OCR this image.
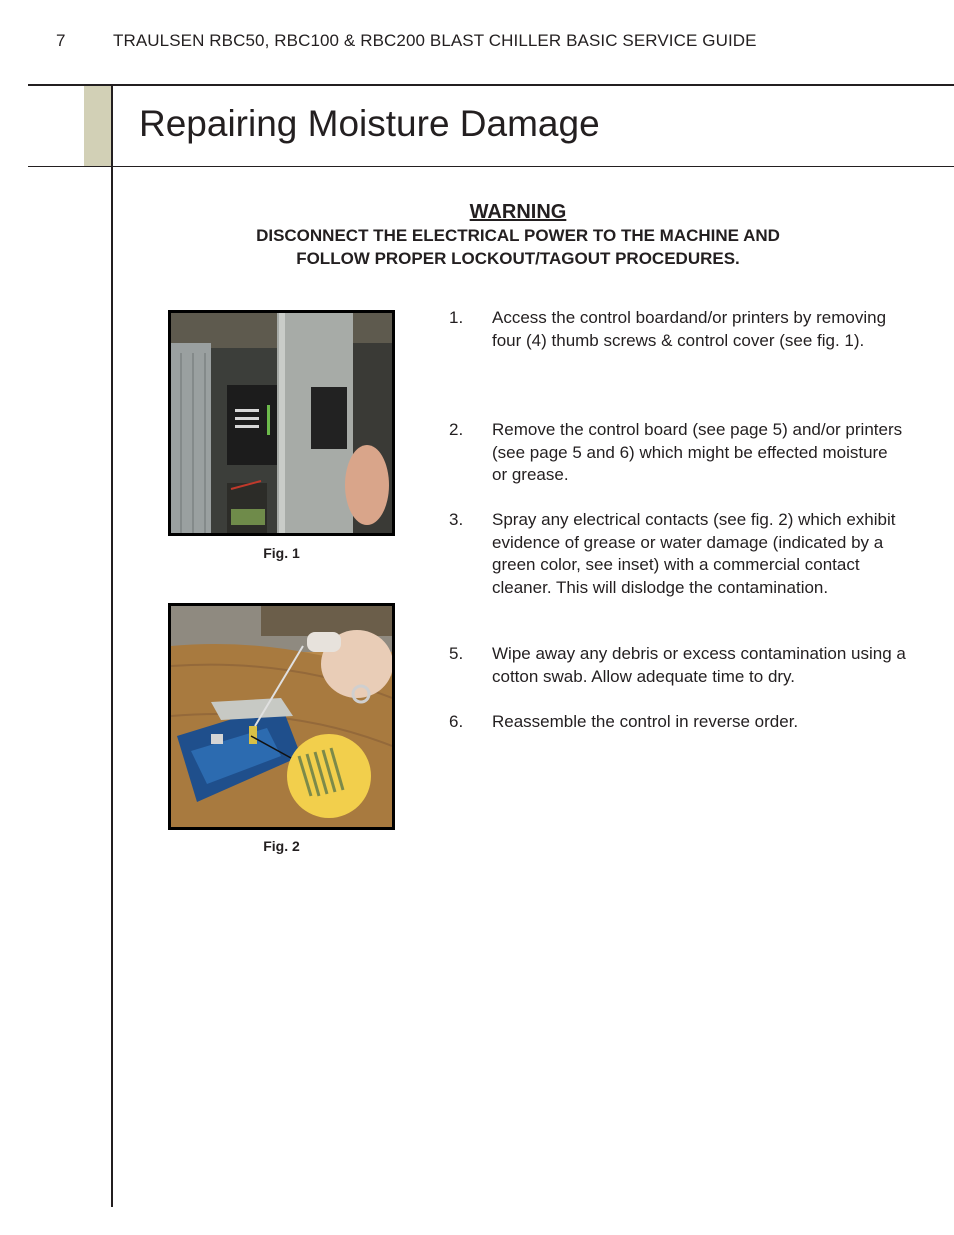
7	TRAULSEN RBC50, RBC100 & RBC200 BLAST CHILLER BASIC SERVICE GUIDE
Repairing Moisture Damage
WARNING
DISCONNECT THE ELECTRICAL POWER TO THE MACHINE AND
FOLLOW PROPER LOCKOUT/TAGOUT PROCEDURES.
Fig. 1
Fig. 2
1. Access the control boardand/or printers by removing four (4) thumb screws & control cover (see fig. 1).
2. Remove the control board (see page 5) and/or printers (see page 5 and 6) which might be effected moisture or grease.
3. Spray any electrical contacts (see fig. 2) which exhibit evidence of grease or water damage (indicated by a green color, see inset) with a commercial contact cleaner. This will dislodge the contamination.
5. Wipe away any debris or excess contamination using a cotton swab. Allow adequate time to dry.
6. Reassemble the control in reverse order.
